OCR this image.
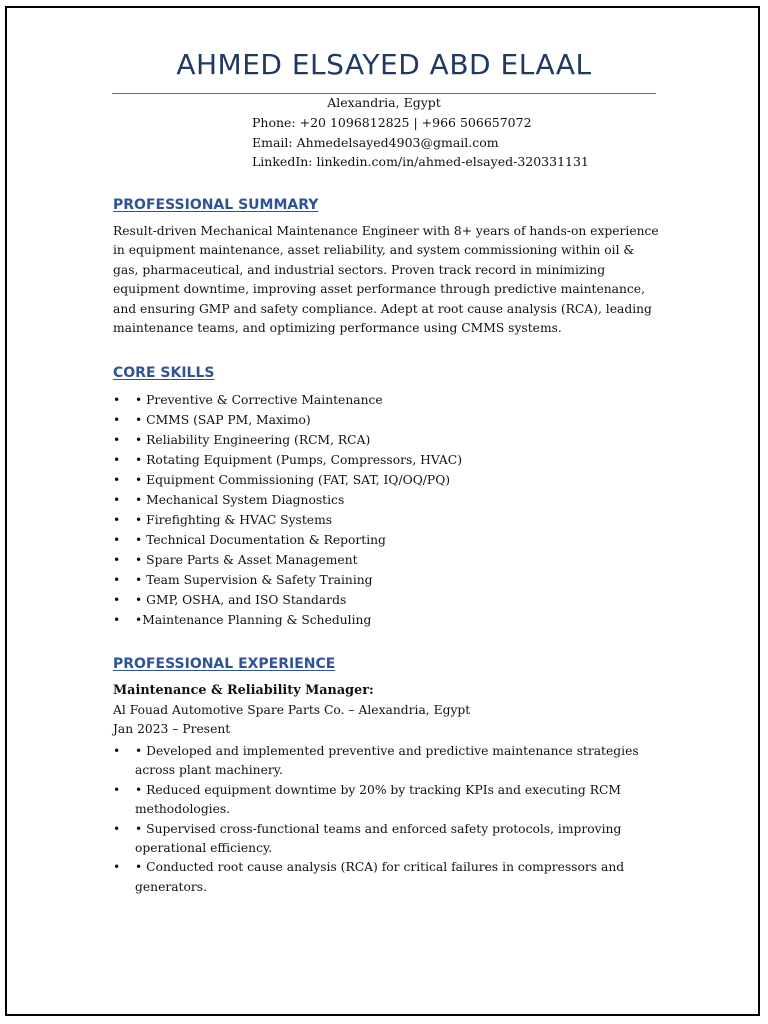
AHMED ELSAYED ABD ELAAL
Alexandria, Egypt
Phone: +20 1096812825 | +966 506657072
Email: Ahmedelsayed4903@gmail.com
LinkedIn: linkedin.com/in/ahmed-elsayed-320331131
PROFESSIONAL SUMMARY

Result-driven Mechanical Maintenance Engineer with 8+ years of hands-on experience in equipment maintenance, asset reliability, and system commissioning within oil & gas, pharmaceutical, and industrial sectors. Proven track record in minimizing equipment downtime, improving asset performance through predictive maintenance, and ensuring GMP and safety compliance. Adept at root cause analysis (RCA), leading maintenance teams, and optimizing performance using CMMS systems.

CORE SKILLS
• • Preventive & Corrective Maintenance
• • CMMS (SAP PM, Maximo)
• • Reliability Engineering (RCM, RCA)
• • Rotating Equipment (Pumps, Compressors, HVAC)
• • Equipment Commissioning (FAT, SAT, IQ/OQ/PQ)
• • Mechanical System Diagnostics
• • Firefighting & HVAC Systems
• • Technical Documentation & Reporting
• • Spare Parts & Asset Management
• • Team Supervision & Safety Training
• • GMP, OSHA, and ISO Standards
• •Maintenance Planning & Scheduling
PROFESSIONAL EXPERIENCE
Maintenance & Reliability Manager:
Al Fouad Automotive Spare Parts Co. – Alexandria, Egypt
Jan 2023 – Present
• • Developed and implemented preventive and predictive maintenance strategies across plant machinery.
• • Reduced equipment downtime by 20% by tracking KPIs and executing RCM methodologies.
• • Supervised cross-functional teams and enforced safety protocols, improving operational efficiency.
• • Conducted root cause analysis (RCA) for critical failures in compressors and generators.
